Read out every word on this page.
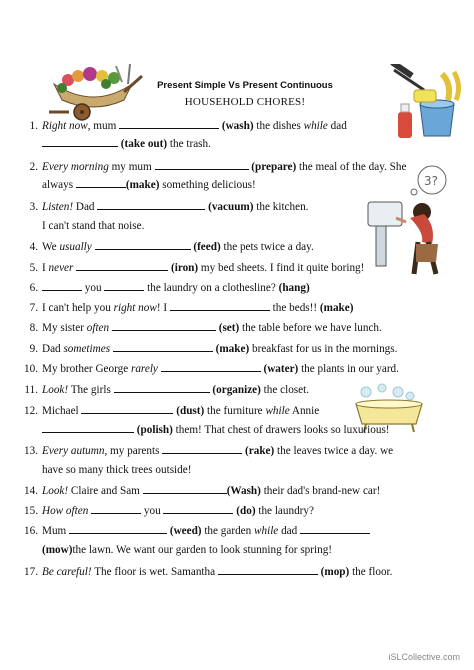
3?
Present Simple Vs Present Continuous
HOUSEHOLD CHORES!
1. Right now, mum	(wash) the dishes while dad
(take out) the trash.
2. Every morning my mum	(prepare) the meal of the day. She
always	(make) something delicious!
3. Listen! Dad	(vacuum) the kitchen.
I can't stand that noise.
4. We usually	(feed) the pets twice a day.
5. I never	(iron) my bed sheets. I find it quite boring!
6.	you	the laundry on a clothesline? (hang)
7. I can't help you right now! I	the beds!! (make)
8. My sister often	(set) the table before we have lunch.
9. Dad sometimes	(make) breakfast for us in the mornings.
10. My brother George rarely	(water) the plants in our yard.
11. Look! The girls	(organize) the closet.
12. Michael	(dust) the furniture while Annie
(polish) them! That chest of drawers looks so luxurious!
13. Every autumn, my parents	(rake) the leaves twice a day. we
have so many thick trees outside!
14. Look! Claire and Sam	(Wash) their dad's brand-new car!
15. How often	you	(do) the laundry?
16. Mum	(weed) the garden while dad
(mow)the lawn. We want our garden to look stunning for spring!
17. Be careful! The floor is wet. Samantha	(mop) the floor.
iSLCollective.com
